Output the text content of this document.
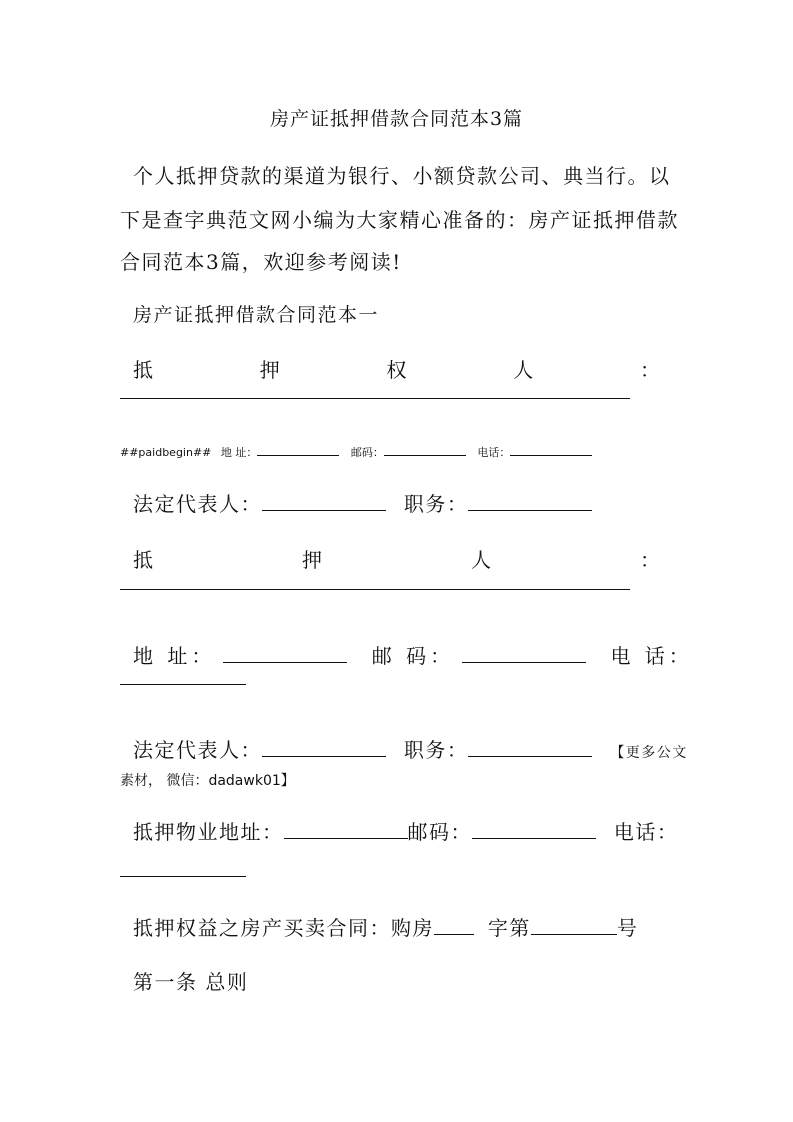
房产证抵押借款合同范本3篇
个人抵押贷款的渠道为银行、小额贷款公司、典当行。以
下是查字典范文网小编为大家精心准备的：房产证抵押借款
合同范本3篇，欢迎参考阅读!
房产证抵押借款合同范本一
抵	押	权	人	：
##paidbegin## 地 址：	邮码：	电话：
法定代表人：	职务：
抵	押	人	：
地 址：	邮 码：	电 话：
法定代表人：	职务：	【更多公文
素材， 微信：dadawk01】
抵押物业地址：	邮码：	电话：
抵押权益之房产买卖合同：购房	字第	号
第一条 总则
